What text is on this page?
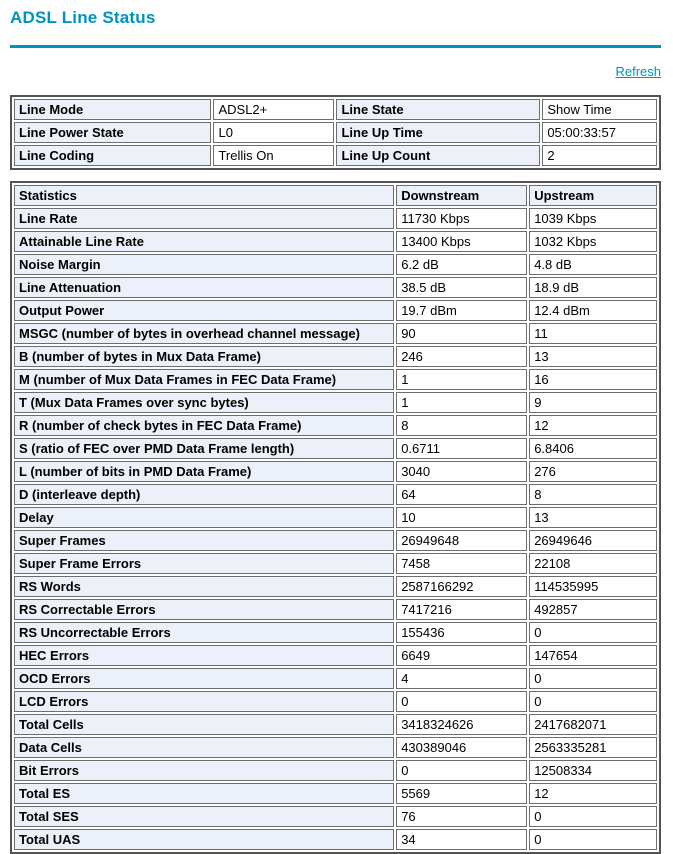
ADSL Line Status
Refresh
Line Mode	ADSL2+	Line State	Show Time
Line Power State	L0	Line Up Time	05:00:33:57
Line Coding	Trellis On	Line Up Count	2
Statistics	Downstream	Upstream
Line Rate	11730 Kbps	1039 Kbps
Attainable Line Rate	13400 Kbps	1032 Kbps
Noise Margin	6.2 dB	4.8 dB
Line Attenuation	38.5 dB	18.9 dB
Output Power	19.7 dBm	12.4 dBm
MSGC (number of bytes in overhead channel message)	90	11
B (number of bytes in Mux Data Frame)	246	13
M (number of Mux Data Frames in FEC Data Frame)	1	16
T (Mux Data Frames over sync bytes)	1	9
R (number of check bytes in FEC Data Frame)	8	12
S (ratio of FEC over PMD Data Frame length)	0.6711	6.8406
L (number of bits in PMD Data Frame)	3040	276
D (interleave depth)	64	8
Delay	10	13
Super Frames	26949648	26949646
Super Frame Errors	7458	22108
RS Words	2587166292	114535995
RS Correctable Errors	7417216	492857
RS Uncorrectable Errors	155436	0
HEC Errors	6649	147654
OCD Errors	4	0
LCD Errors	0	0
Total Cells	3418324626	2417682071
Data Cells	430389046	2563335281
Bit Errors	0	12508334
Total ES	5569	12
Total SES	76	0
Total UAS	34	0
